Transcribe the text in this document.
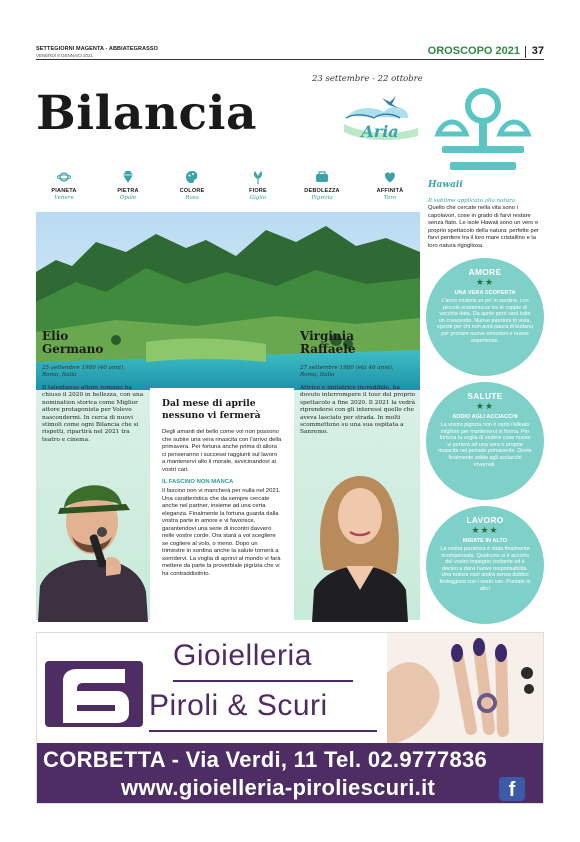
SETTEGIORNI MAGENTA - ABBIATEGRASSO
VENERDÌ 8 GENNAIO 2021	OROSCOPO 2021 37
Bilancia
23 settembre - 22 ottobre
Aria
PIANETA
Venere
PIETRA
Opale
COLORE
Rosa
FIORE
Giglio
DEBOLEZZA
Pigrizia
AFFINITÀ
Toro
Hawaii
Il sublime applicato alla natura
Quello che cercate nella vita sono i capolavori, cose in grado di farvi restare senza fiato. Le isole Hawaii sono un vero e proprio spettacolo della natura: perfette per farvi perdere tra il loro mare cristallino e la loro natura rigogliosa.
Elio
Germano
25 settembre 1980 (40 anni),
Roma, Italia
Il talentuoso attore romano ha chiuso il 2020 in bellezza, con una nomination storica come Miglior attore protagonista per Volevo nascondermi. In cerca di nuovi stimoli come ogni Bilancia che si rispetti, ripartirà nel 2021 tra teatro e cinema.
Dal mese di aprile
nessuno vi fermerà
Degli amanti del bello come voi non possono che subire una vera rinascita con l'arrivo della primavera. Per fortuna anche prima di allora ci penseranno i successi raggiunti sul lavoro a mantenervi alto il morale, avvicinandovi ai vostri cari.
IL FASCINO NON MANCA
Il fascino non vi mancherà per nulla nel 2021. Una caratteristica che da sempre cercate anche nel partner, insieme ad una certa eleganza. Finalmente la fortuna guarda dalla vostra parte in amore e vi favorisce, garantendovi una serie di incontri davvero nelle vostre corde. Ora starà a voi scegliere se cogliere al volo, o meno. Dopo un trimestre in sordina anche la salute tornerà a sorridervi. La voglia di aprirvi al mondo vi farà mettere da parte la proverbiale pigrizia che vi ha contraddistinto.
Virginia
Raffaele
27 settembre 1980 (età 40 anni),
Roma, Italia
Attrice e imitatrice incredibile, ha dovuto interrompere il tour del proprio spettacolo a fine 2020. Il 2021 la vedrà riprendersi con gli interessi quello che aveva lasciato per strada. In molti scommettono su una sua ospitata a Sanremo.
AMORE
★★
UNA VERA SCOPERTA
L'anno inizierà un po' in sordina, con piccole scaramucce tra le coppie di vecchia data. Da aprile però sarà tutto un crescendo. Nuove passioni in vista, specie per chi non avrà paura di buttarsi per provare nuove emozioni e nuove esperienze.
SALUTE
★★
ADDIO AGLI ACCIACCHI
La vostra pigrizia non è certo l'alleato migliore per mantenervi in forma. Per fortuna la voglia di vedere cose nuove vi porterà ad una vera e propria rinascita nel periodo primaverile. Direte finalmente addio agli acciacchi invernali.
LAVORO
★★★
MIRATE IN ALTO
La vostra pazienza è stata finalmente ricompensata. Qualcuno si è accorto del vostro impegno costante ed è deciso a darvi nuove responsabilità. Una notizia così andrà senza dubbio festeggiata con i vostri cari. Puntate in alto!
Gioielleria
Piroli & Scuri
CORBETTA - Via Verdi, 11 Tel. 02.9777836
www.gioielleria-piroliescuri.it	f
